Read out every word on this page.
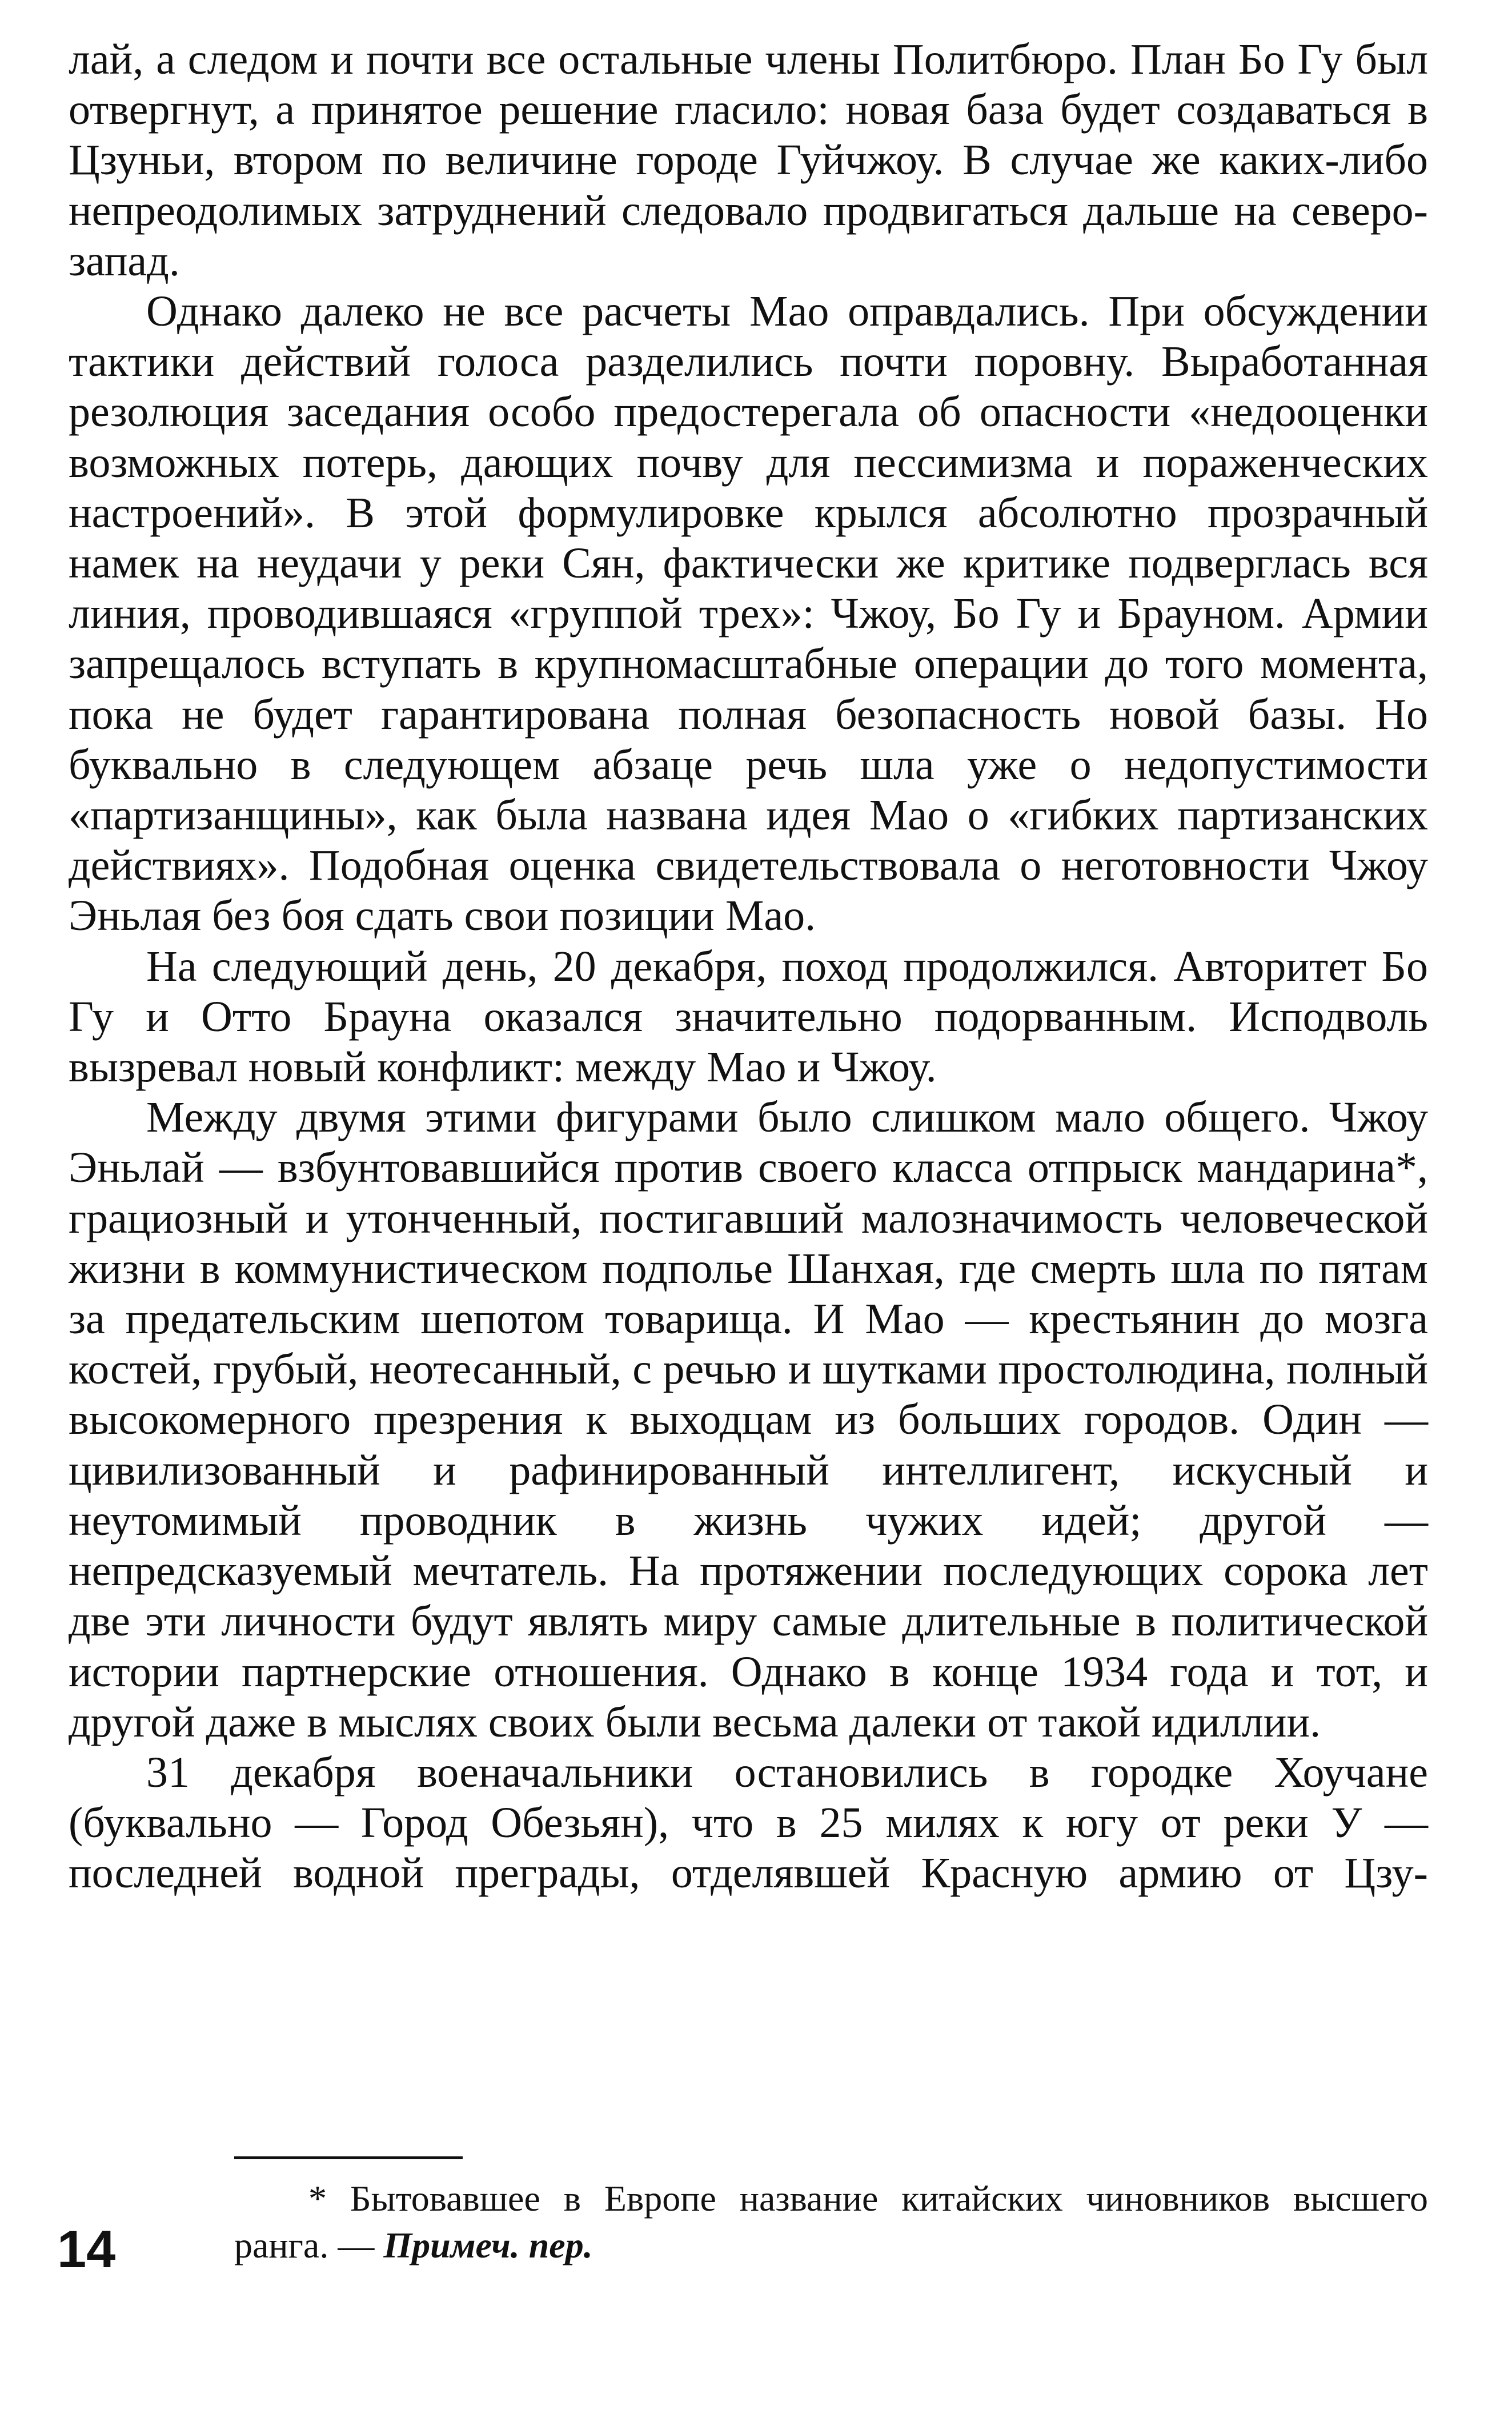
лай, а следом и почти все остальные члены Политбюро. План Бо Гу был отвергнут, а принятое решение гласило: новая база будет создаваться в Цзуньи, втором по величине городе Гуйчжоу. В случае же каких-либо непреодолимых затруднений следовало продвигаться дальше на северо-запад.

Однако далеко не все расчеты Мао оправдались. При обсуждении тактики действий голоса разделились почти поровну. Выработанная резолюция заседания особо предостерегала об опасности «недооценки возможных потерь, дающих почву для пессимизма и пораженческих настроений». В этой формулировке крылся абсолютно прозрачный намек на неудачи у реки Сян, фактически же критике подверглась вся линия, проводившаяся «группой трех»: Чжоу, Бо Гу и Брауном. Армии запрещалось вступать в крупномасштабные операции до того момента, пока не будет гарантирована полная безопасность новой базы. Но буквально в следующем абзаце речь шла уже о недопустимости «партизанщины», как была названа идея Мао о «гибких партизанских действиях». Подобная оценка свидетельствовала о неготовности Чжоу Эньлая без боя сдать свои позиции Мао.

На следующий день, 20 декабря, поход продолжился. Авторитет Бо Гу и Отто Брауна оказался значительно подорванным. Исподволь вызревал новый конфликт: между Мао и Чжоу.

Между двумя этими фигурами было слишком мало общего. Чжоу Эньлай — взбунтовавшийся против своего класса отпрыск мандарина*, грациозный и утонченный, постигавший малозначимость человеческой жизни в коммунистическом подполье Шанхая, где смерть шла по пятам за предательским шепотом товарища. И Мао — крестьянин до мозга костей, грубый, неотесанный, с речью и шутками простолюдина, полный высокомерного презрения к выходцам из больших городов. Один — цивилизованный и рафинированный интеллигент, искусный и неутомимый проводник в жизнь чужих идей; другой — непредсказуемый мечтатель. На протяжении последующих сорока лет две эти личности будут являть миру самые длительные в политической истории партнерские отношения. Однако в конце 1934 года и тот, и другой даже в мыслях своих были весьма далеки от такой идиллии.

31 декабря военачальники остановились в городке Хоучане (буквально — Город Обезьян), что в 25 милях к югу от реки У — последней водной преграды, отделявшей Красную армию от Цзу-

* Бытовавшее в Европе название китайских чиновников высшего ранга. — Примеч. пер.

14
